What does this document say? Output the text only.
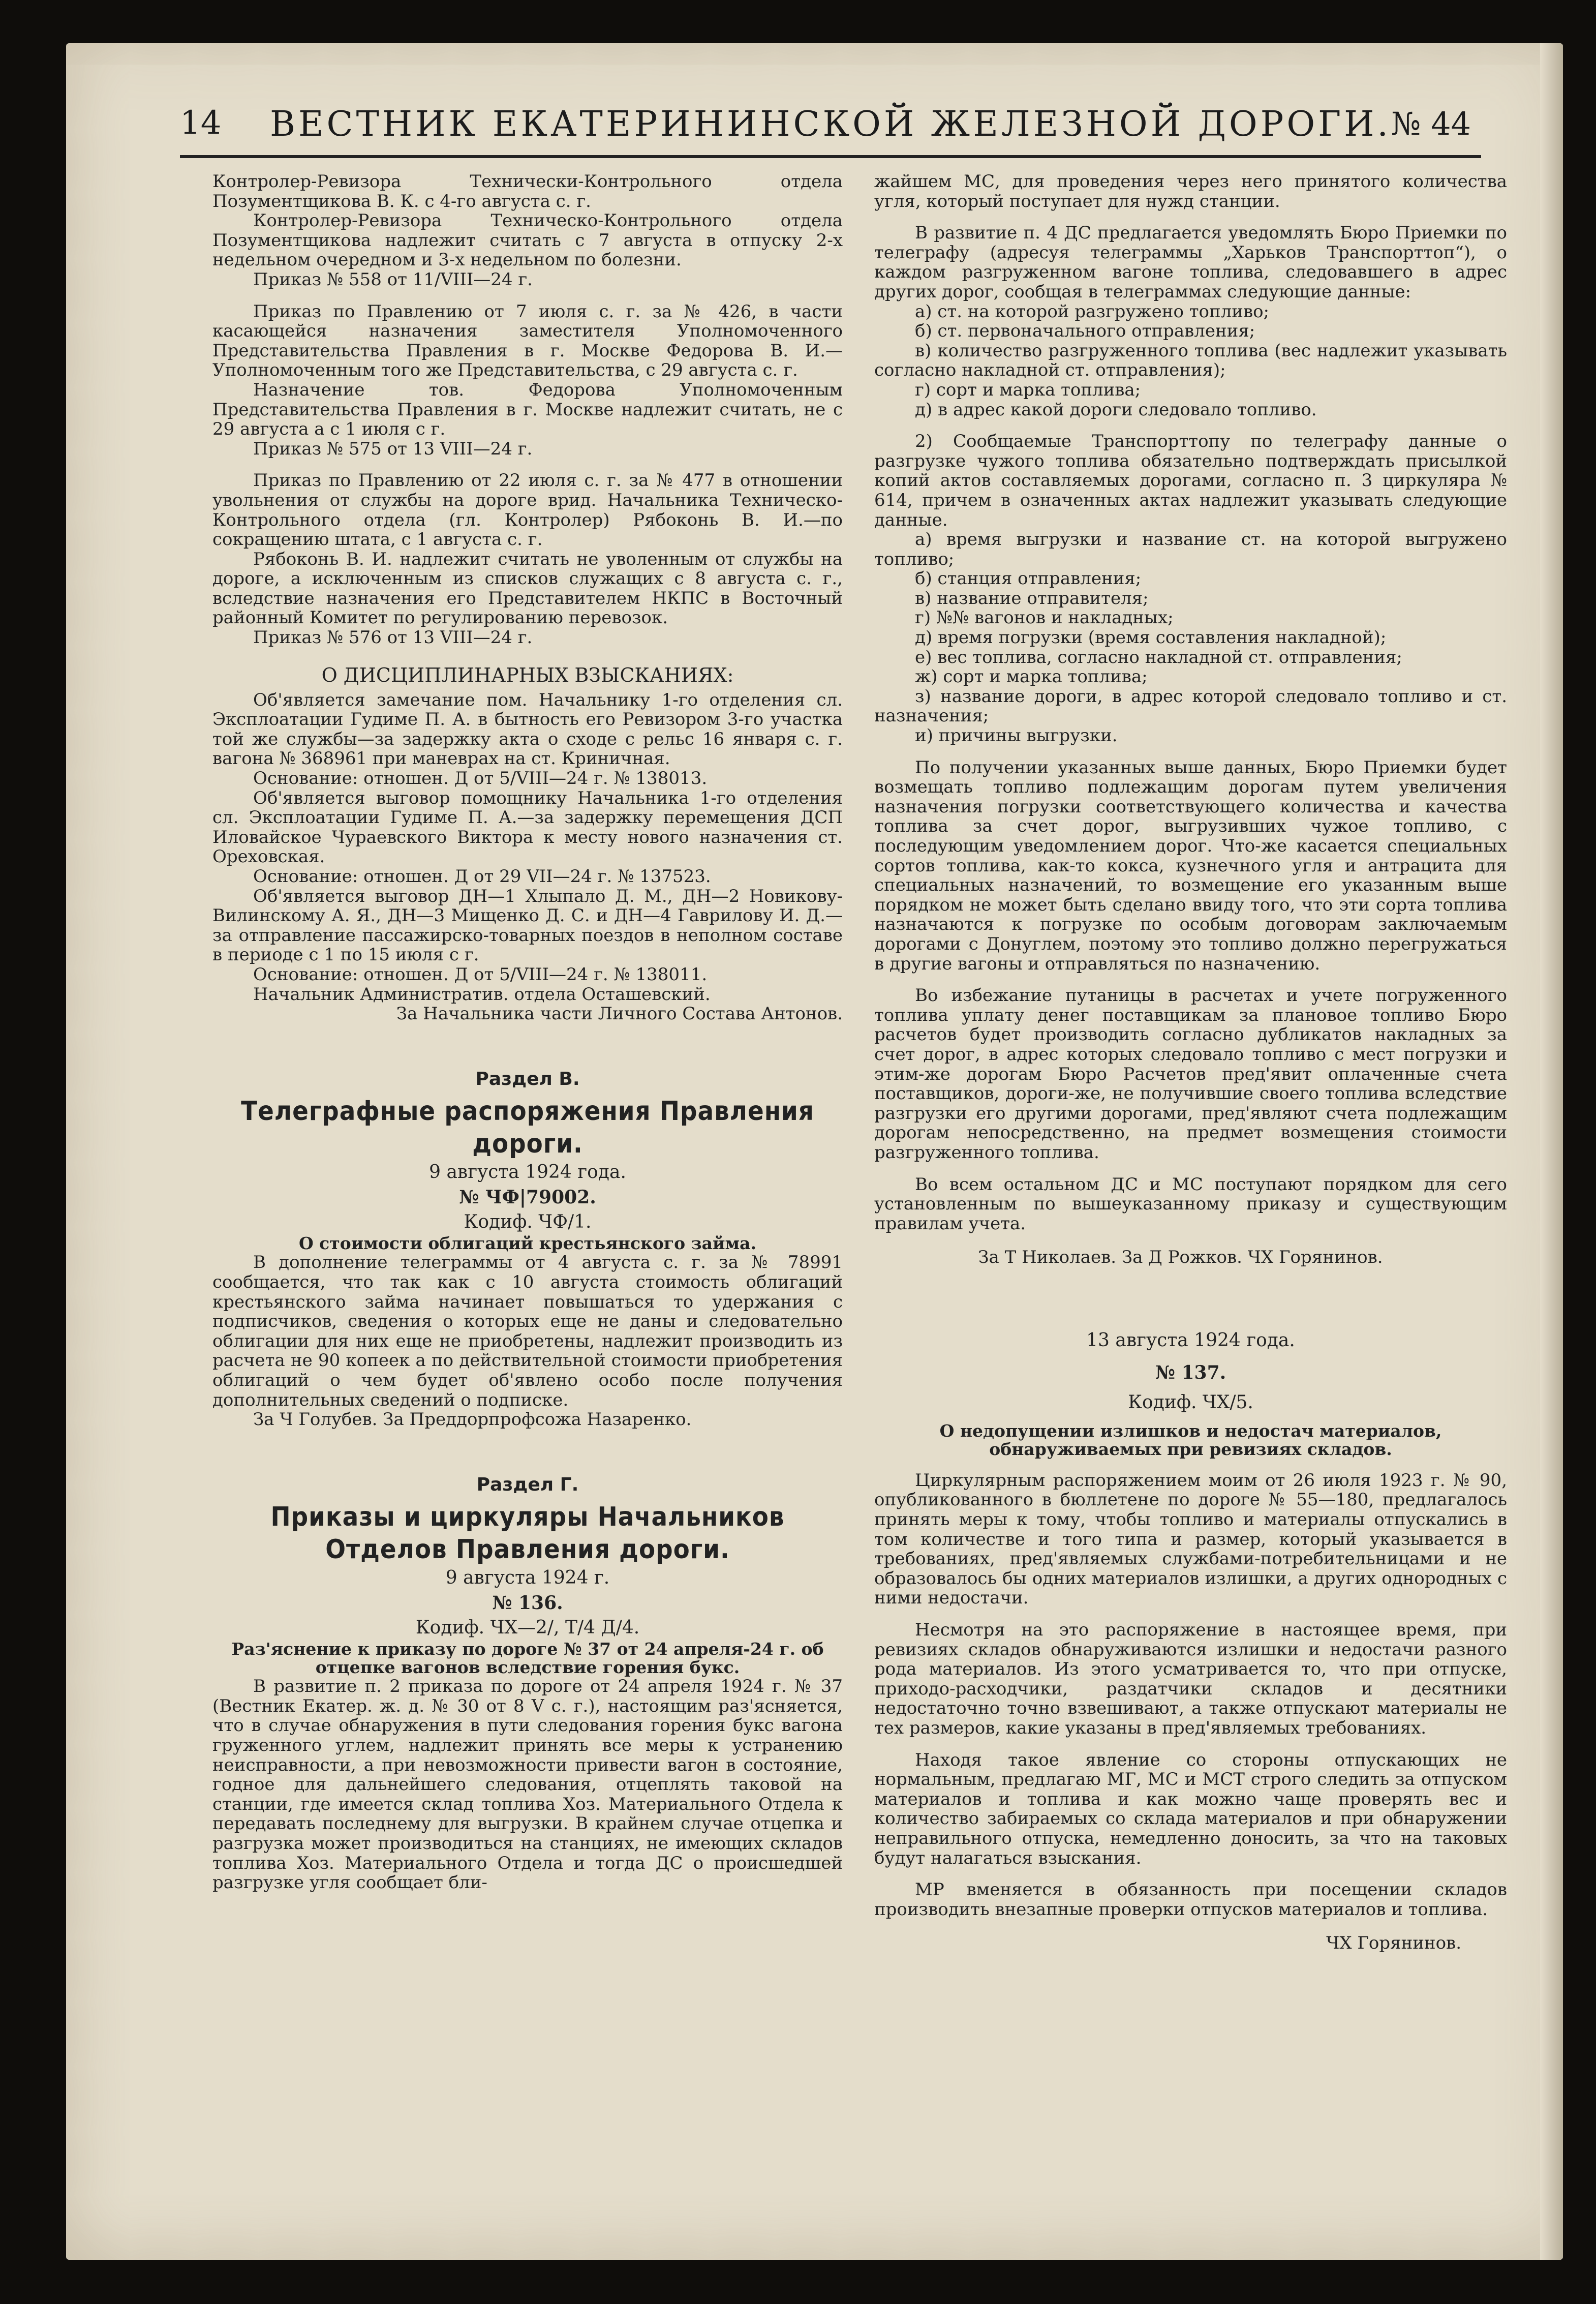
14	ВЕСТНИК ЕКАТЕРИНИНСКОЙ ЖЕЛЕЗНОЙ ДОРОГИ. № 44

Контролер-Ревизора Технически-Контрольного отдела Позументщикова В. К. с 4-го августа с. г.

Контролер-Ревизора Техническо-Контрольного отдела Позументщикова надлежит считать с 7 августа в отпуску 2-х недельном очередном и 3-х недельном по болезни.

Приказ № 558 от 11/VIII—24 г.

Приказ по Правлению от 7 июля с. г. за № 426, в части касающейся назначения заместителя Уполномоченного Представительства Правления в г. Москве Федорова В. И.—Уполномоченным того же Представительства, с 29 августа с. г.

Назначение тов. Федорова Уполномоченным Представительства Правления в г. Москве надлежит считать, не с 29 августа а с 1 июля с г.

Приказ № 575 от 13 VIII—24 г.

Приказ по Правлению от 22 июля с. г. за № 477 в отношении увольнения от службы на дороге врид. Начальника Техническо-Контрольного отдела (гл. Контролер) Рябоконь В. И.—по сокращению штата, с 1 августа с. г.

Рябоконь В. И. надлежит считать не уволенным от службы на дороге, а исключенным из списков служащих с 8 августа с. г., вследствие назначения его Представителем НКПС в Восточный районный Комитет по регулированию перевозок.

Приказ № 576 от 13 VIII—24 г.

О ДИСЦИПЛИНАРНЫХ ВЗЫСКАНИЯХ:

Об'является замечание пом. Начальнику 1-го отделения сл. Эксплоатации Гудиме П. А. в бытность его Ревизором 3-го участка той же службы—за задержку акта о сходе с рельс 16 января с. г. вагона № 368961 при маневрах на ст. Криничная.

Основание: отношен. Д от 5/VIII—24 г. № 138013.

Об'является выговор помощнику Начальника 1-го отделения сл. Эксплоатации Гудиме П. А.—за задержку перемещения ДСП Иловайское Чураевского Виктора к месту нового назначения ст. Ореховская.

Основание: отношен. Д от 29 VII—24 г. № 137523.

Об'является выговор ДН—1 Хлыпало Д. М., ДН—2 Новикову-Вилинскому А. Я., ДН—3 Мищенко Д. С. и ДН—4 Гаврилову И. Д.—за отправление пассажирско-товарных поездов в неполном составе в периоде с 1 по 15 июля с г.

Основание: отношен. Д от 5/VIII—24 г. № 138011.

Начальник Административ. отдела Осташевский.

За Начальника части Личного Состава Антонов.

Раздел В.

Телеграфные распоряжения Правления дороги.

9 августа 1924 года.

№ ЧФ|79002.

Кодиф. ЧФ/1.

О стоимости облигаций крестьянского займа.

В дополнение телеграммы от 4 августа с. г. за № 78991 сообщается, что так как с 10 августа стоимость облигаций крестьянского займа начинает повышаться то удержания с подписчиков, сведения о которых еще не даны и следовательно облигации для них еще не приобретены, надлежит производить из расчета не 90 копеек а по действительной стоимости приобретения облигаций о чем будет об'явлено особо после получения дополнительных сведений о подписке.

За Ч Голубев. За Преддорпрофсожа Назаренко.

Раздел Г.

Приказы и циркуляры Начальников Отделов Правления дороги.

9 августа 1924 г.

№ 136.

Кодиф. ЧХ—2/, Т/4 Д/4.

Раз'яснение к приказу по дороге № 37 от 24 апреля-24 г. об отцепке вагонов вследствие горения букс.

В развитие п. 2 приказа по дороге от 24 апреля 1924 г. № 37 (Вестник Екатер. ж. д. № 30 от 8 V с. г.), настоящим раз'ясняется, что в случае обнаружения в пути следования горения букс вагона груженного углем, надлежит принять все меры к устранению неисправности, а при невозможности привести вагон в состояние, годное для дальнейшего следования, отцеплять таковой на станции, где имеется склад топлива Хоз. Материального Отдела к передавать последнему для выгрузки. В крайнем случае отцепка и разгрузка может производиться на станциях, не имеющих складов топлива Хоз. Материального Отдела и тогда ДС о происшедшей разгрузке угля сообщает бли-

жайшем МС, для проведения через него принятого количества угля, который поступает для нужд станции.

В развитие п. 4 ДС предлагается уведомлять Бюро Приемки по телеграфу (адресуя телеграммы „Харьков Транспорттоп“), о каждом разгруженном вагоне топлива, следовавшего в адрес других дорог, сообщая в телеграммах следующие данные:

а) ст. на которой разгружено топливо;

б) ст. первоначального отправления;

в) количество разгруженного топлива (вес надлежит указывать согласно накладной ст. отправления);

г) сорт и марка топлива;

д) в адрес какой дороги следовало топливо.

2) Сообщаемые Транспорттопу по телеграфу данные о разгрузке чужого топлива обязательно подтверждать присылкой копий актов составляемых дорогами, согласно п. 3 циркуляра № 614, причем в означенных актах надлежит указывать следующие данные.

а) время выгрузки и название ст. на которой выгружено топливо;

б) станция отправления;

в) название отправителя;

г) №№ вагонов и накладных;

д) время погрузки (время составления накладной);

е) вес топлива, согласно накладной ст. отправления;

ж) сорт и марка топлива;

з) название дороги, в адрес которой следовало топливо и ст. назначения;

и) причины выгрузки.

По получении указанных выше данных, Бюро Приемки будет возмещать топливо подлежащим дорогам путем увеличения назначения погрузки соответствующего количества и качества топлива за счет дорог, выгрузивших чужое топливо, с последующим уведомлением дорог. Что-же касается специальных сортов топлива, как-то кокса, кузнечного угля и антрацита для специальных назначений, то возмещение его указанным выше порядком не может быть сделано ввиду того, что эти сорта топлива назначаются к погрузке по особым договорам заключаемым дорогами с Донуглем, поэтому это топливо должно перегружаться в другие вагоны и отправляться по назначению.

Во избежание путаницы в расчетах и учете погруженного топлива уплату денег поставщикам за плановое топливо Бюро расчетов будет производить согласно дубликатов накладных за счет дорог, в адрес которых следовало топливо с мест погрузки и этим-же дорогам Бюро Расчетов пред'явит оплаченные счета поставщиков, дороги-же, не получившие своего топлива вследствие разгрузки его другими дорогами, пред'являют счета подлежащим дорогам непосредственно, на предмет возмещения стоимости разгруженного топлива.

Во всем остальном ДС и МС поступают порядком для сего установленным по вышеуказанному приказу и существующим правилам учета.

За Т Николаев. За Д Рожков. ЧХ Горянинов.

13 августа 1924 года.

№ 137.

Кодиф. ЧХ/5.

О недопущении излишков и недостач материалов, обнаруживаемых при ревизиях складов.

Циркулярным распоряжением моим от 26 июля 1923 г. № 90, опубликованного в бюллетене по дороге № 55—180, предлагалось принять меры к тому, чтобы топливо и материалы отпускались в том количестве и того типа и размер, который указывается в требованиях, пред'являемых службами-потребительницами и не образовалось бы одних материалов излишки, а других однородных с ними недостачи.

Несмотря на это распоряжение в настоящее время, при ревизиях складов обнаруживаются излишки и недостачи разного рода материалов. Из этого усматривается то, что при отпуске, приходо-расходчики, раздатчики складов и десятники недостаточно точно взвешивают, а также отпускают материалы не тех размеров, какие указаны в пред'являемых требованиях.

Находя такое явление со стороны отпускающих не нормальным, предлагаю МГ, МС и МСТ строго следить за отпуском материалов и топлива и как можно чаще проверять вес и количество забираемых со склада материалов и при обнаружении неправильного отпуска, немедленно доносить, за что на таковых будут налагаться взыскания.

МР вменяется в обязанность при посещении складов производить внезапные проверки отпусков материалов и топлива.

ЧХ Горянинов.
